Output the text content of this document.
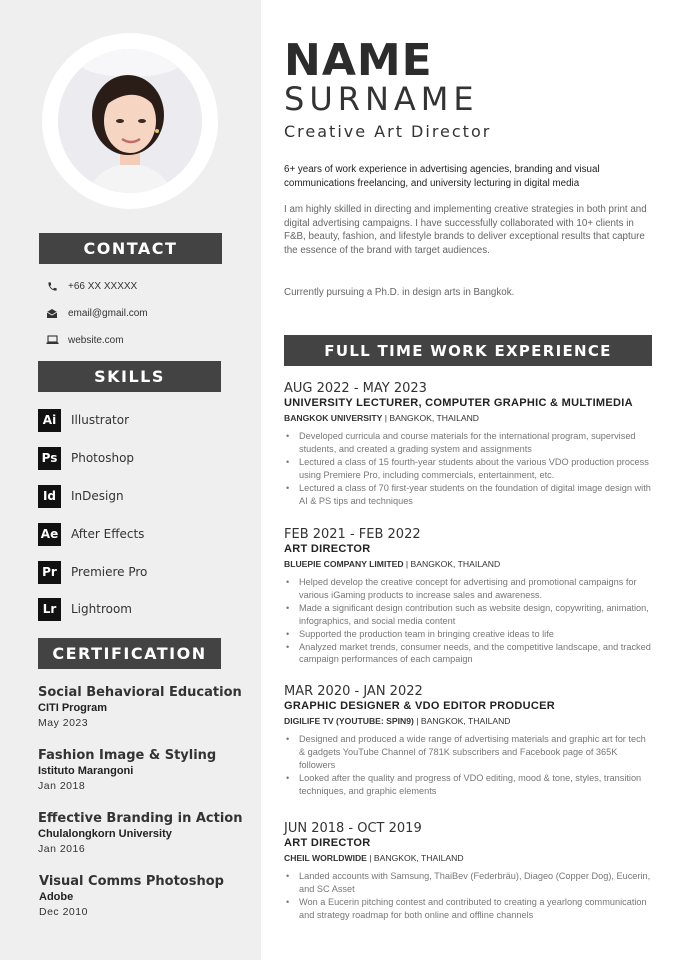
CONTACT
+66 XX XXXXX
email@gmail.com
website.com
SKILLS
Ai	Illustrator
Ps	Photoshop
Id	InDesign
Ae After Effects
Pr	Premiere Pro
Lr	Lightroom
CERTIFICATION
Social Behavioral Education
CITI Program
May 2023
Fashion Image & Styling
Istituto Marangoni
Jan 2018
Effective Branding in Action
Chulalongkorn University
Jan 2016
Visual Comms Photoshop
Adobe
Dec 2010
NAME
SURNAME
Creative Art Director
6+ years of work experience in advertising agencies, branding and visual communications freelancing, and university lecturing in digital media
I am highly skilled in directing and implementing creative strategies in both print and digital advertising campaigns. I have successfully collaborated with 10+ clients in F&B, beauty, fashion, and lifestyle brands to deliver exceptional results that capture the essence of the brand with target audiences.
Currently pursuing a Ph.D. in design arts in Bangkok.
FULL TIME WORK EXPERIENCE
AUG 2022 - MAY 2023
UNIVERSITY LECTURER, COMPUTER GRAPHIC & MULTIMEDIA
BANGKOK UNIVERSITY | BANGKOK, THAILAND
• Developed curricula and course materials for the international program, supervised students, and created a grading system and assignments
• Lectured a class of 15 fourth-year students about the various VDO production process using Premiere Pro, including commercials, entertainment, etc.
• Lectured a class of 70 first-year students on the foundation of digital image design with AI & PS tips and techniques
FEB 2021 - FEB 2022
ART DIRECTOR
BLUEPIE COMPANY LIMITED | BANGKOK, THAILAND
• Helped develop the creative concept for advertising and promotional campaigns for various iGaming products to increase sales and awareness.
• Made a significant design contribution such as website design, copywriting, animation, infographics, and social media content
• Supported the production team in bringing creative ideas to life
• Analyzed market trends, consumer needs, and the competitive landscape, and tracked campaign performances of each campaign
MAR 2020 - JAN 2022
GRAPHIC DESIGNER & VDO EDITOR PRODUCER
DIGILIFE TV (YOUTUBE: SPIN9) | BANGKOK, THAILAND
• Designed and produced a wide range of advertising materials and graphic art for tech & gadgets YouTube Channel of 781K subscribers and Facebook page of 365K followers
• Looked after the quality and progress of VDO editing, mood & tone, styles, transition techniques, and graphic elements
JUN 2018 - OCT 2019
ART DIRECTOR
CHEIL WORLDWIDE | BANGKOK, THAILAND
• Landed accounts with Samsung, ThaiBev (Federbräu), Diageo (Copper Dog), Eucerin, and SC Asset
• Won a Eucerin pitching contest and contributed to creating a yearlong communication and strategy roadmap for both online and offline channels
